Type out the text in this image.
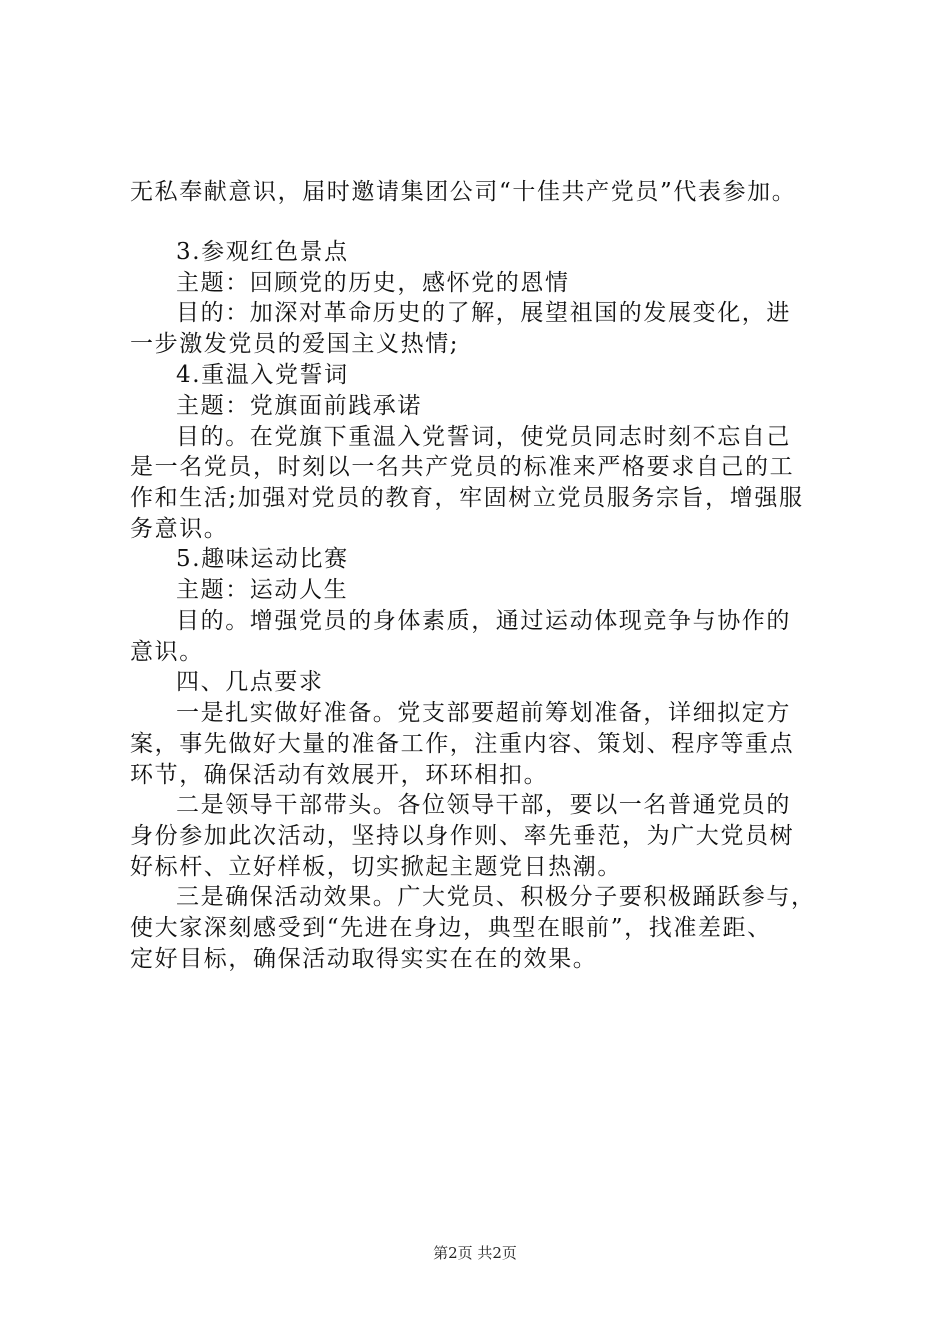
无私奉献意识，届时邀请集团公司“十佳共产党员”代表参加。
3.参观红色景点
主题：回顾党的历史，感怀党的恩情
目的：加深对革命历史的了解，展望祖国的发展变化，进
一步激发党员的爱国主义热情;
4.重温入党誓词
主题：党旗面前践承诺
目的。在党旗下重温入党誓词，使党员同志时刻不忘自己
是一名党员，时刻以一名共产党员的标准来严格要求自己的工
作和生活;加强对党员的教育，牢固树立党员服务宗旨，增强服
务意识。
5.趣味运动比赛
主题：运动人生
目的。增强党员的身体素质，通过运动体现竞争与协作的
意识。
四、几点要求
一是扎实做好准备。党支部要超前筹划准备，详细拟定方
案，事先做好大量的准备工作，注重内容、策划、程序等重点
环节，确保活动有效展开，环环相扣。
二是领导干部带头。各位领导干部，要以一名普通党员的
身份参加此次活动，坚持以身作则、率先垂范，为广大党员树
好标杆、立好样板，切实掀起主题党日热潮。
三是确保活动效果。广大党员、积极分子要积极踊跃参与，
使大家深刻感受到“先进在身边，典型在眼前”，找准差距、
定好目标，确保活动取得实实在在的效果。
第2页 共2页
